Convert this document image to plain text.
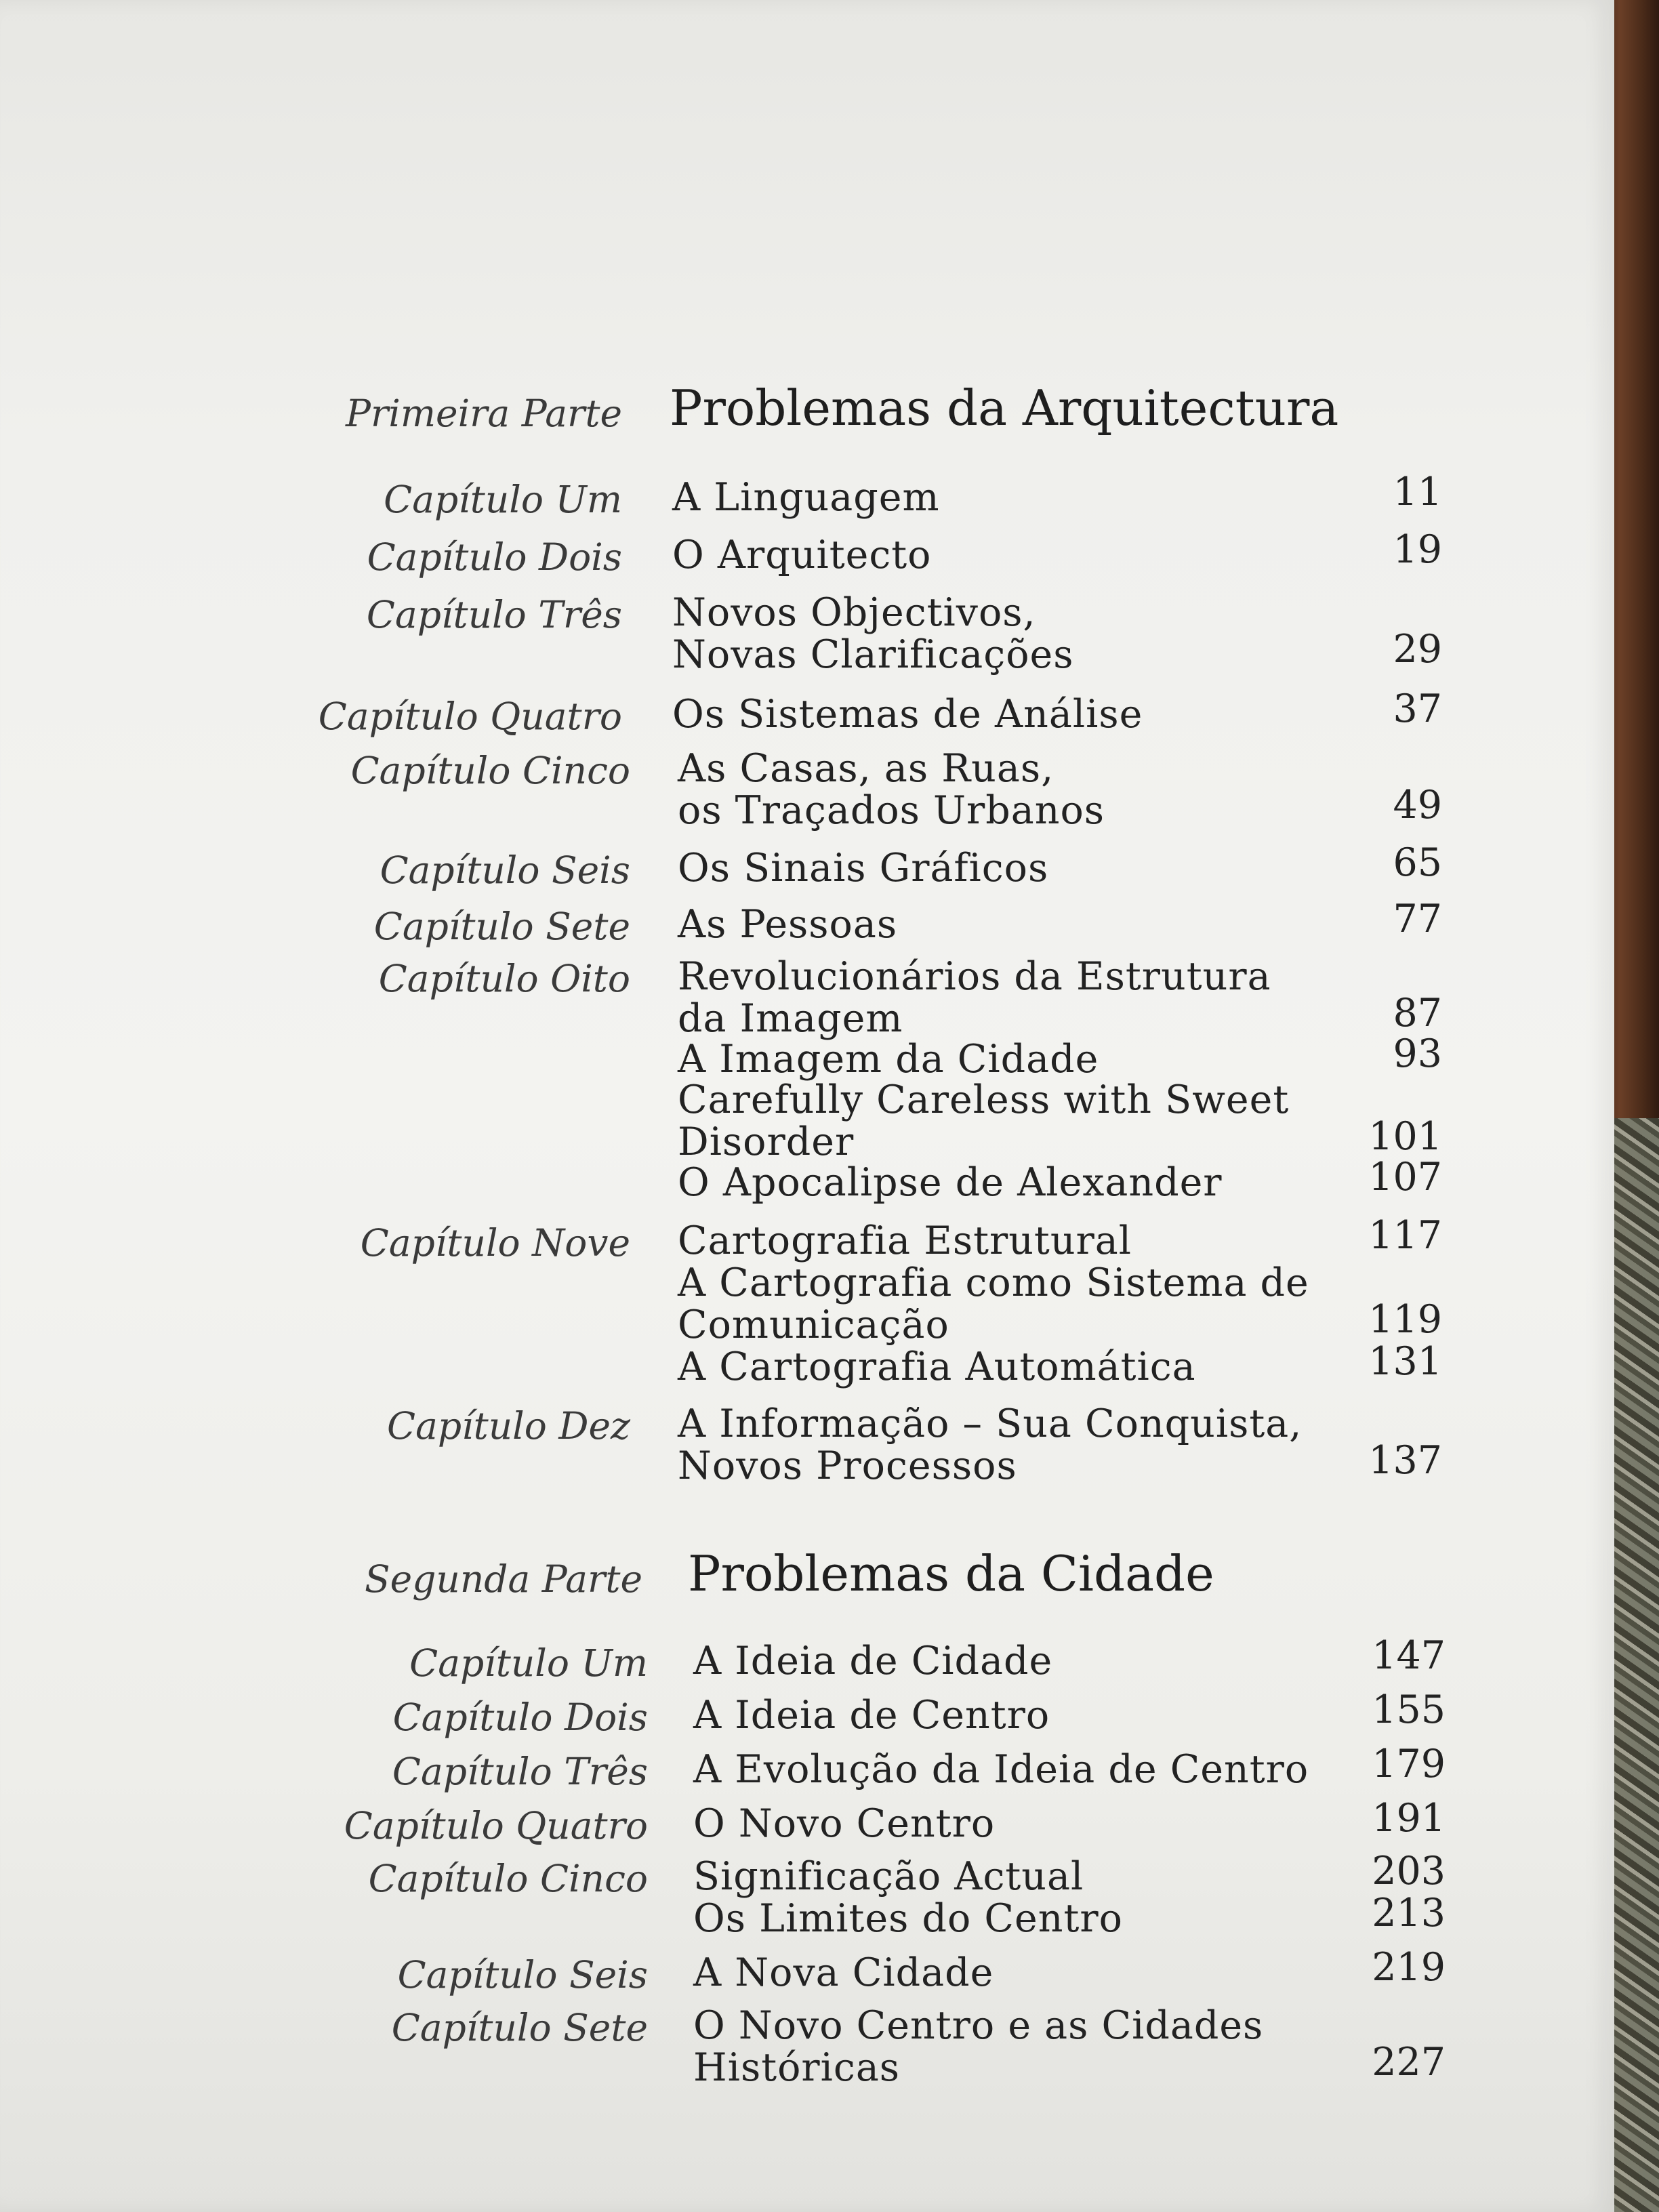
Primeira Parte Problemas da Arquitectura
Capítulo Um A Linguagem	11
Capítulo Dois O Arquitecto	19
Capítulo Três Novos Objectivos,
Novas Clarificações	29
Capítulo Quatro Os Sistemas de Análise	37
Capítulo Cinco As Casas, as Ruas,
os Traçados Urbanos	49
Capítulo Seis Os Sinais Gráficos	65
Capítulo Sete As Pessoas	77
Capítulo Oito Revolucionários da Estrutura
da Imagem	87
A Imagem da Cidade	93
Carefully Careless with Sweet
Disorder	101
O Apocalipse de Alexander	107
Capítulo Nove Cartografia Estrutural	117
A Cartografia como Sistema de
Comunicação	119
A Cartografia Automática	131
Capítulo Dez A Informação – Sua Conquista,
Novos Processos	137
Segunda Parte Problemas da Cidade
Capítulo Um A Ideia de Cidade	147
Capítulo Dois A Ideia de Centro	155
Capítulo Três A Evolução da Ideia de Centro 179
Capítulo Quatro O Novo Centro	191
Capítulo Cinco Significação Actual	203
Os Limites do Centro	213
Capítulo Seis A Nova Cidade	219
Capítulo Sete O Novo Centro e as Cidades
Históricas	227
